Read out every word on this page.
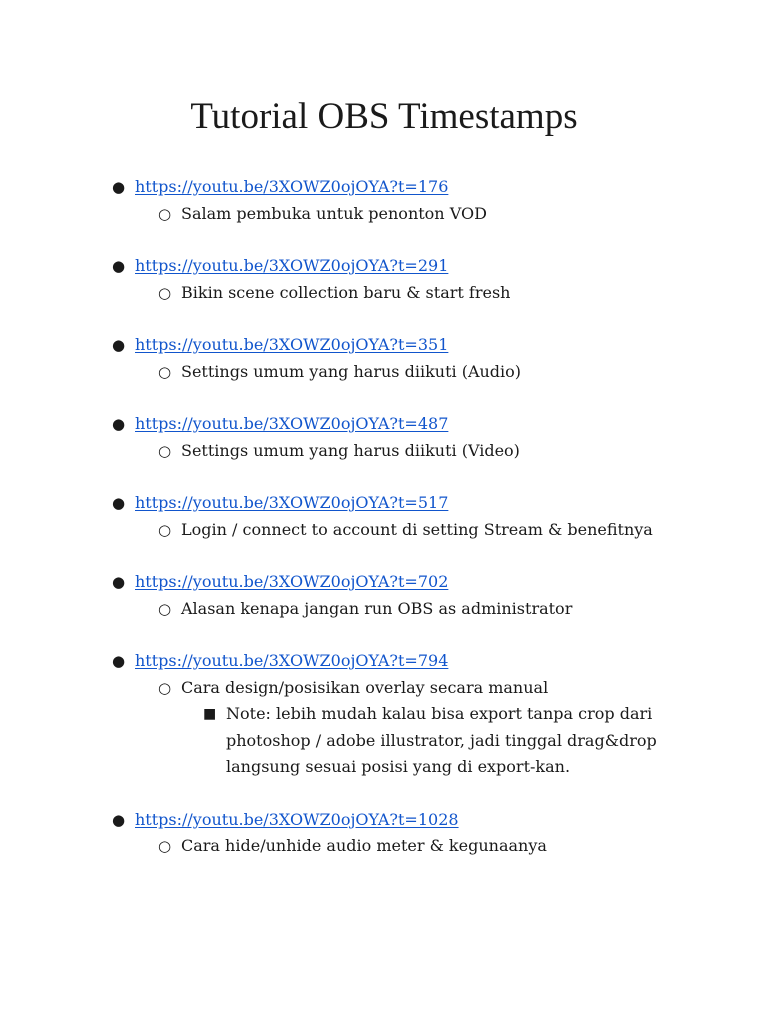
Tutorial OBS Timestamps
● https://youtu.be/3XOWZ0ojOYA?t=176
○ Salam pembuka untuk penonton VOD
● https://youtu.be/3XOWZ0ojOYA?t=291
○ Bikin scene collection baru & start fresh
● https://youtu.be/3XOWZ0ojOYA?t=351
○ Settings umum yang harus diikuti (Audio)
● https://youtu.be/3XOWZ0ojOYA?t=487
○ Settings umum yang harus diikuti (Video)
● https://youtu.be/3XOWZ0ojOYA?t=517
○ Login / connect to account di setting Stream & benefitnya
● https://youtu.be/3XOWZ0ojOYA?t=702
○ Alasan kenapa jangan run OBS as administrator
● https://youtu.be/3XOWZ0ojOYA?t=794
○ Cara design/posisikan overlay secara manual
■ Note: lebih mudah kalau bisa export tanpa crop dari photoshop / adobe illustrator, jadi tinggal drag&drop langsung sesuai posisi yang di export-kan.
● https://youtu.be/3XOWZ0ojOYA?t=1028
○ Cara hide/unhide audio meter & kegunaanya
